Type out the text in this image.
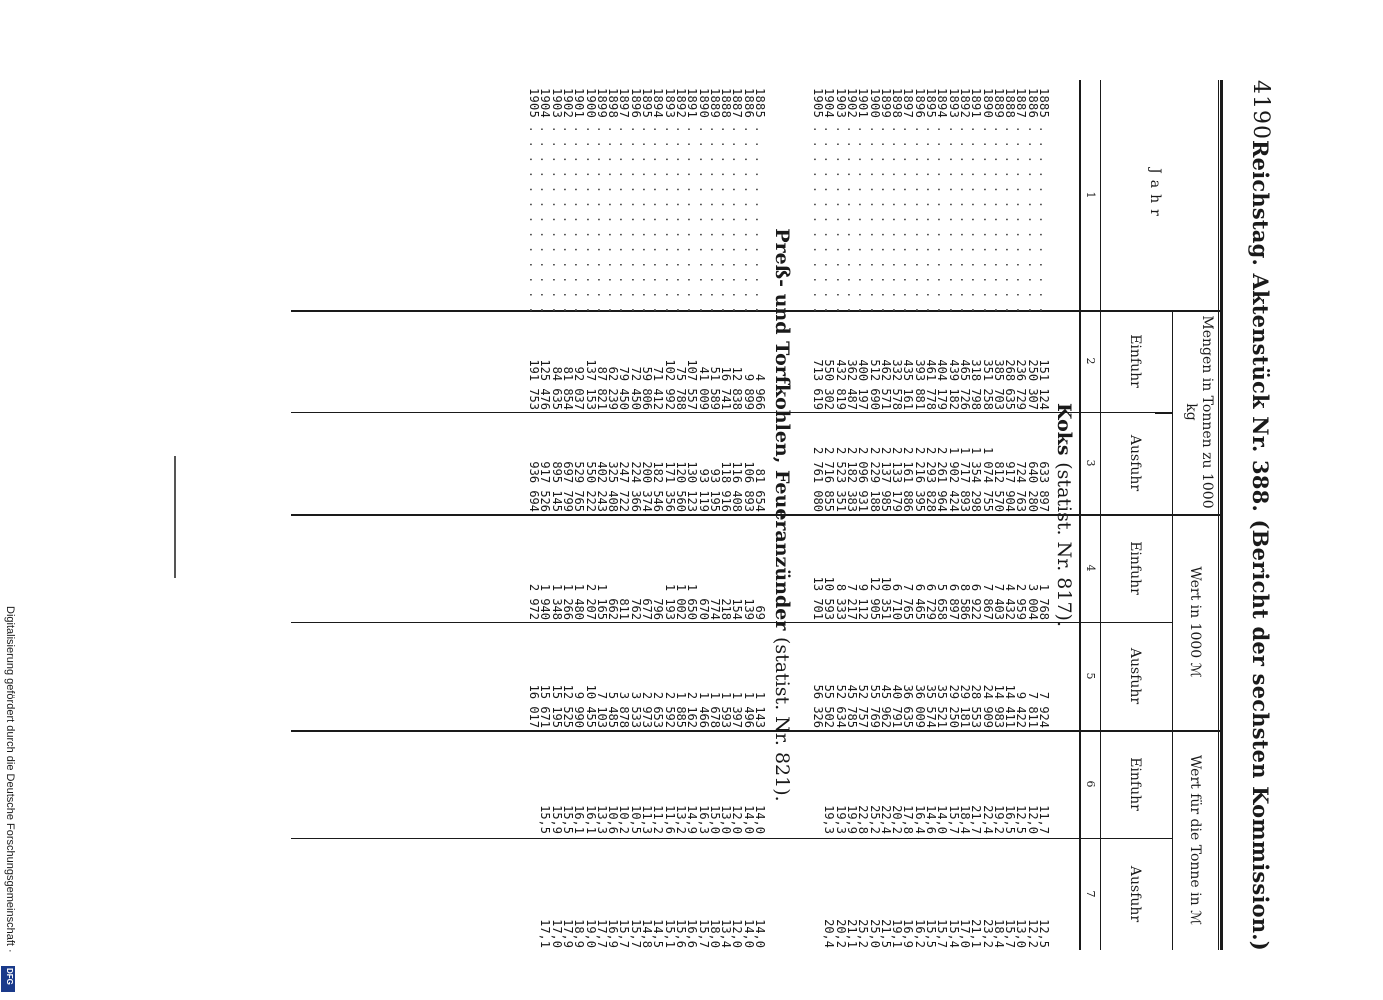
4190
Reichstag. Aktenstück Nr. 388. (Bericht der sechsten Kommission.)
Jahr
Mengen in Tonnen zu 1000 kg
Wert in 1000 ℳ
Wert für die Tonne in ℳ
Einfuhr
Ausfuhr
Einfuhr
Ausfuhr
Einfuhr
Ausfuhr
1
2
3
4
5
6
7
Koks (statist. Nr. 817).
1885 . . . . . . . . . . . . .
1886 . . . . . . . . . . . . .
1887 . . . . . . . . . . . . .
1888 . . . . . . . . . . . . .
1889 . . . . . . . . . . . . .
1890 . . . . . . . . . . . . .
1891 . . . . . . . . . . . . .
1892 . . . . . . . . . . . . .
1893 . . . . . . . . . . . . .
1894 . . . . . . . . . . . . .
1895 . . . . . . . . . . . . .
1896 . . . . . . . . . . . . .
1897 . . . . . . . . . . . . .
1898 . . . . . . . . . . . . .
1899 . . . . . . . . . . . . .
1900 . . . . . . . . . . . . .
1901 . . . . . . . . . . . . .
1902 . . . . . . . . . . . . .
1903 . . . . . . . . . . . . .
1904 . . . . . . . . . . . . .
1905 . . . . . . . . . . . . .
151 124
250 307
236 729
268 635
385 703
351 258
318 798
465 726
439 182
404 179
461 778
393 881
435 161
332 578
462 571
512 690
400 197
362 487
432 819
550 302
713 619
633 897
640 280
724 763
917 904
812 570
1 074 755
1 354 298
1 717 893
1 902 424
2 261 964
2 293 828
2 216 395
2 161 886
2 133 179
2 137 985
2 229 188
2 096 931
2 182 383
2 523 351
2 716 855
2 761 080
1 768
3 004
2 959
4 432
7 403
7 867
6 922
8 586
6 897
5 658
6 729
6 465
7 765
6 710
10 351
12 905
9 112
7 217
8 333
10 593
13 701
7 924
7 811
9 422
14 411
14 983
24 909
28 553
29 181
29 250
35 521
35 574
36 009
36 635
40 791
45 962
55 769
52 757
45 785
52 634
55 502
56 326
11,7
12,0
12,5
16,5
19,2
22,4
21,7
18,4
15,7
14,0
14,6
16,4
17,8
20,2
22,4
25,2
22,8
19,9
19,3
19,3
12,5
12,2
13,0
15,7
18,4
23,2
21,1
17,0
15,4
15,7
15,5
16,2
16,9
19,1
21,5
25,0
25,2
21,1
20,2
20,4
Preß- und Torfkohlen, Feueranzünder (statist. Nr. 821).
1885 . . . . . . . . . . . . .
1886 . . . . . . . . . . . . .
1887 . . . . . . . . . . . . .
1888 . . . . . . . . . . . . .
1889 . . . . . . . . . . . . .
1890 . . . . . . . . . . . . .
1891 . . . . . . . . . . . . .
1892 . . . . . . . . . . . . .
1893 . . . . . . . . . . . . .
1894 . . . . . . . . . . . . .
1895 . . . . . . . . . . . . .
1896 . . . . . . . . . . . . .
1897 . . . . . . . . . . . . .
1898 . . . . . . . . . . . . .
1899 . . . . . . . . . . . . .
1900 . . . . . . . . . . . . .
1901 . . . . . . . . . . . . .
1902 . . . . . . . . . . . . .
1903 . . . . . . . . . . . . .
1904 . . . . . . . . . . . . .
1905 . . . . . . . . . . . . .
4 966
9 899
12 838
16 741
51 589
41 009
107 557
75 788
102 992
71 412
59 806
72 450
79 450
62 239
87 821
137 153
92 037
81 854
84 635
125 476
191 753
81 654
106 893
116 408
118 916
93 195
93 119
130 123
120 560
171 356
182 546
200 374
224 366
247 722
325 408
402 243
550 222
529 765
697 799
895 145
917 526
936 694
69
139
154
218
774
670
1 650
1 002
1 193
796
677
762
811
662
1 165
2 207
1 480
1 266
1 348
1 940
2 972
1 143
1 496
1 397
1 593
1 678
1 466
2 162
1 885
2 592
2 653
2 973
3 533
3 878
5 485
7 103
10 455
9 990
12 525
15 195
15 671
16 017
14,0
14,0
12,0
13,0
15,0
16,3
14,9
13,2
11,6
11,2
11,3
10,5
10,2
10,6
13,3
16,1
16,1
15,5
15,9
15,5
14,0
14,0
12,0
13,4
18,0
15,7
16,6
15,6
15,1
14,5
14,8
15,7
15,7
16,9
17,7
19,0
18,9
17,9
17,0
17,1
Digitalisierung gefördert durch die Deutsche Forschungsgemeinschaft ·
DFG
